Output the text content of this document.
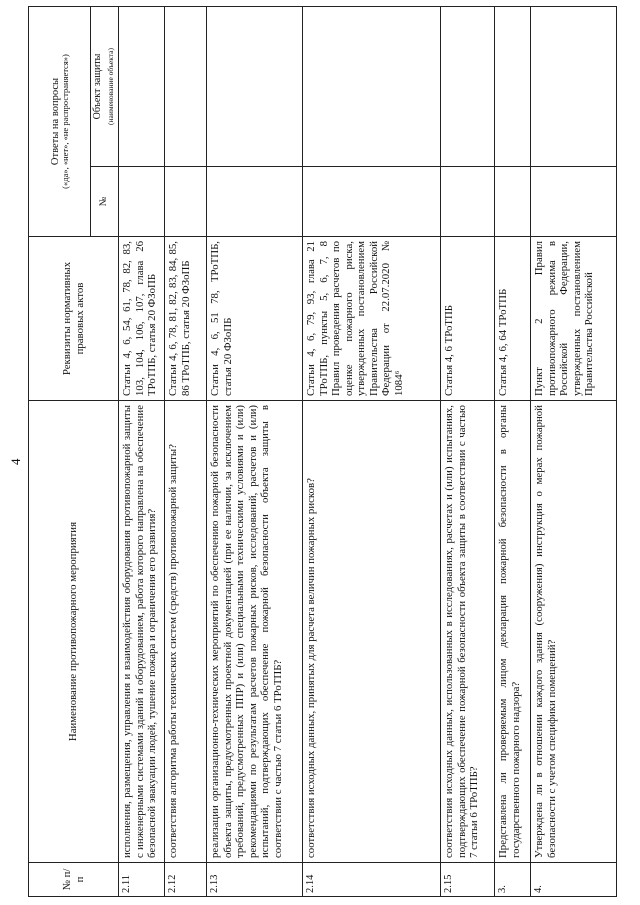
4
№ п/п	Наименование противопожарного мероприятия	Реквизиты нормативных правовых актов	Ответы на вопросы («да», «нет», «не распространяется»)	

			№	Объект защиты (наименование объекта)
2.11	исполнения, размещения, управления и взаимодействия оборудования противопожарной защиты с инженерными системами зданий и оборудованием, работа которого направлена на обеспечение безопасной эвакуации людей, тушение пожара и ограничения его развития?	Статьи 4, 6, 54, 61, 78, 82, 83, 103, 104, 106, 107, глава 26 ТРоТПБ, статья 20 ФЗоПБ		
2.12	соответствия алгоритма работы технических систем (средств) противопожарной защиты?	Статьи 4, 6, 78, 81, 82, 83, 84, 85, 86 ТРоТПБ, статья 20 ФЗоПБ		
2.13	реализации организационно-технических мероприятий по обеспечению пожарной безопасности объекта защиты, предусмотренных проектной документацией (при ее наличии, за исключением требований, предусмотренных ППР) и (или) специальными техническими условиями и (или) рекомендациями по результатам расчетов пожарных рисков, исследований, расчетов и (или) испытаний, подтверждающих обеспечение пожарной безопасности объекта защиты в соответствии с частью 7 статьи 6 ТРоТПБ?	Статьи 4, 6, 51 78, ТРоТПБ, статья 20 ФЗоПБ		
2.14	соответствия исходных данных, принятых для расчета величин пожарных рисков?	Статьи 4, 6, 79, 93, глава 21 ТРоТПБ, пункты 5, 6, 7, 8 Правил проведения расчетов по оценке пожарного риска, утвержденных постановлением Правительства Российской Федерации от 22.07.2020 № 1084⁶		
2.15	соответствия исходных данных, использованных в исследованиях, расчетах и (или) испытаниях, подтверждающих обеспечение пожарной безопасности объекта защиты в соответствии с частью 7 статьи 6 ТРоТПБ?	Статья 4, 6 ТРоТПБ		
3.	Представлена ли проверяемым лицом декларация пожарной безопасности в органы государственного пожарного надзора?	Статья 4, 6, 64 ТРоТПБ		
4.	Утверждена ли в отношении каждого здания (сооружения) инструкция о мерах пожарной безопасности с учетом специфики помещений?	Пункт 2 Правил противопожарного режима в Российской Федерации, утвержденных постановлением Правительства Российской		
